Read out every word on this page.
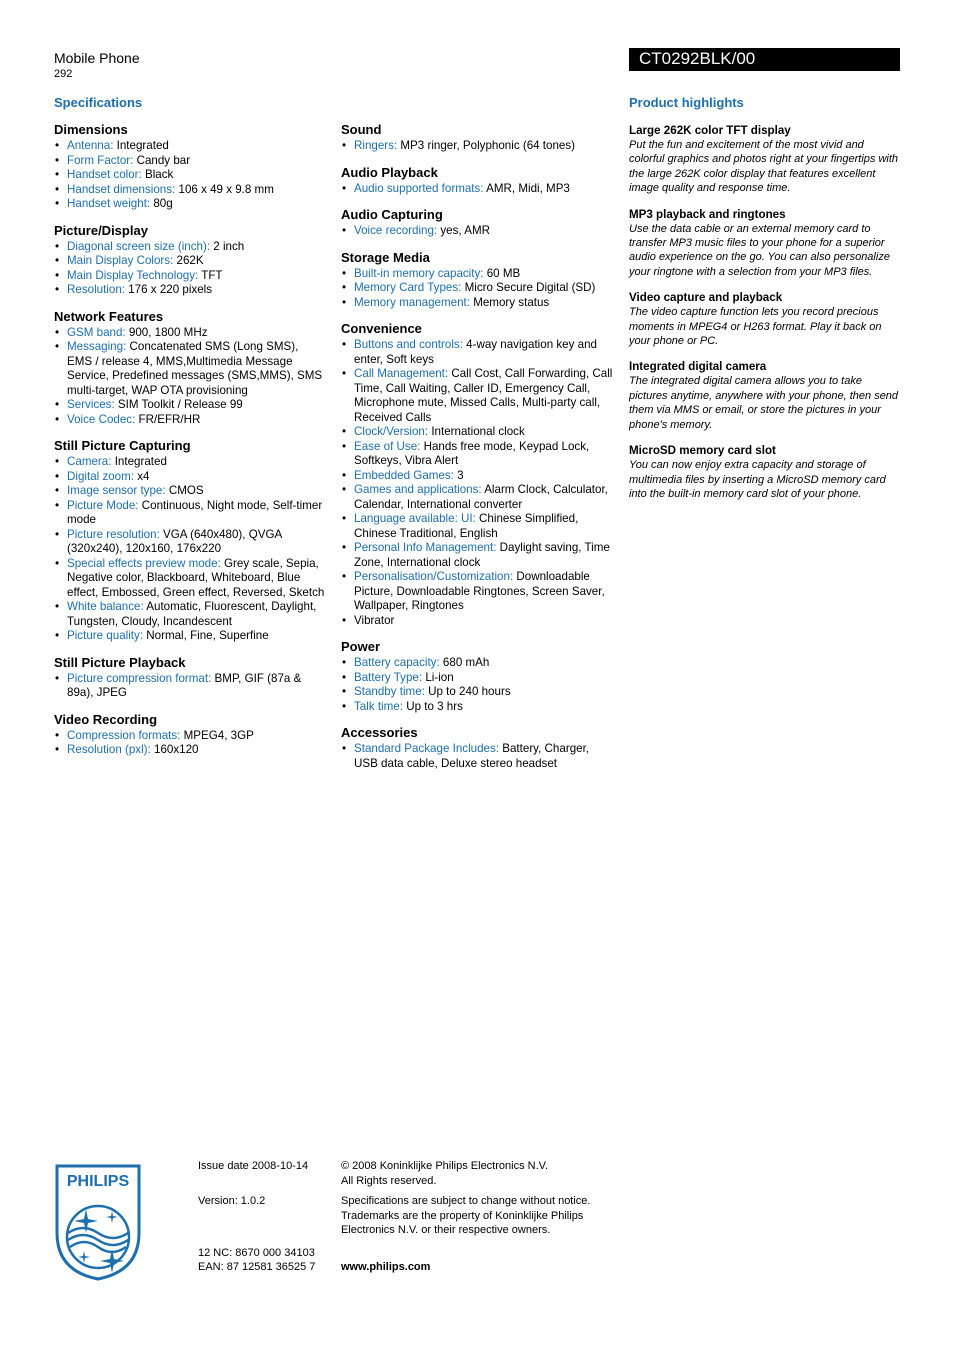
Mobile Phone
292
CT0292BLK/00
Specifications	Product highlights
Dimensions
• Antenna: Integrated
• Form Factor: Candy bar
• Handset color: Black
• Handset dimensions: 106 x 49 x 9.8 mm
• Handset weight: 80g
Picture/Display
• Diagonal screen size (inch): 2 inch
• Main Display Colors: 262K
• Main Display Technology: TFT
• Resolution: 176 x 220 pixels
Network Features
• GSM band: 900, 1800 MHz
• Messaging: Concatenated SMS (Long SMS), EMS / release 4, MMS,Multimedia Message Service, Predefined messages (SMS,MMS), SMS multi-target, WAP OTA provisioning
• Services: SIM Toolkit / Release 99
• Voice Codec: FR/EFR/HR
Still Picture Capturing
• Camera: Integrated
• Digital zoom: x4
• Image sensor type: CMOS
• Picture Mode: Continuous, Night mode, Self-timer mode
• Picture resolution: VGA (640x480), QVGA (320x240), 120x160, 176x220
• Special effects preview mode: Grey scale, Sepia, Negative color, Blackboard, Whiteboard, Blue effect, Embossed, Green effect, Reversed, Sketch
• White balance: Automatic, Fluorescent, Daylight, Tungsten, Cloudy, Incandescent
• Picture quality: Normal, Fine, Superfine
Still Picture Playback
• Picture compression format: BMP, GIF (87a & 89a), JPEG
Video Recording
• Compression formats: MPEG4, 3GP
• Resolution (pxl): 160x120
Sound
• Ringers: MP3 ringer, Polyphonic (64 tones)
Audio Playback
• Audio supported formats: AMR, Midi, MP3
Audio Capturing
• Voice recording: yes, AMR
Storage Media
• Built-in memory capacity: 60 MB
• Memory Card Types: Micro Secure Digital (SD)
• Memory management: Memory status
Convenience
• Buttons and controls: 4-way navigation key and enter, Soft keys
• Call Management: Call Cost, Call Forwarding, Call Time, Call Waiting, Caller ID, Emergency Call, Microphone mute, Missed Calls, Multi-party call, Received Calls
• Clock/Version: International clock
• Ease of Use: Hands free mode, Keypad Lock, Softkeys, Vibra Alert
• Embedded Games: 3
• Games and applications: Alarm Clock, Calculator, Calendar, International converter
• Language available: UI: Chinese Simplified, Chinese Traditional, English
• Personal Info Management: Daylight saving, Time Zone, International clock
• Personalisation/Customization: Downloadable Picture, Downloadable Ringtones, Screen Saver, Wallpaper, Ringtones
• Vibrator
Power
• Battery capacity: 680 mAh
• Battery Type: Li-ion
• Standby time: Up to 240 hours
• Talk time: Up to 3 hrs
Accessories
• Standard Package Includes: Battery, Charger, USB data cable, Deluxe stereo headset
Large 262K color TFT display
Put the fun and excitement of the most vivid and colorful graphics and photos right at your fingertips with the large 262K color display that features excellent image quality and response time.
MP3 playback and ringtones
Use the data cable or an external memory card to transfer MP3 music files to your phone for a superior audio experience on the go. You can also personalize your ringtone with a selection from your MP3 files.
Video capture and playback
The video capture function lets you record precious moments in MPEG4 or H263 format. Play it back on your phone or PC.
Integrated digital camera
The integrated digital camera allows you to take pictures anytime, anywhere with your phone, then send them via MMS or email, or store the pictures in your phone's memory.
MicroSD memory card slot
You can now enjoy extra capacity and storage of multimedia files by inserting a MicroSD memory card into the built-in memory card slot of your phone.
PHILIPS
Issue date 2008-10-14
Version: 1.0.2
12 NC: 8670 000 34103
EAN: 87 12581 36525 7
© 2008 Koninklijke Philips Electronics N.V.
All Rights reserved.
Specifications are subject to change without notice. Trademarks are the property of Koninklijke Philips Electronics N.V. or their respective owners.
www.philips.com
